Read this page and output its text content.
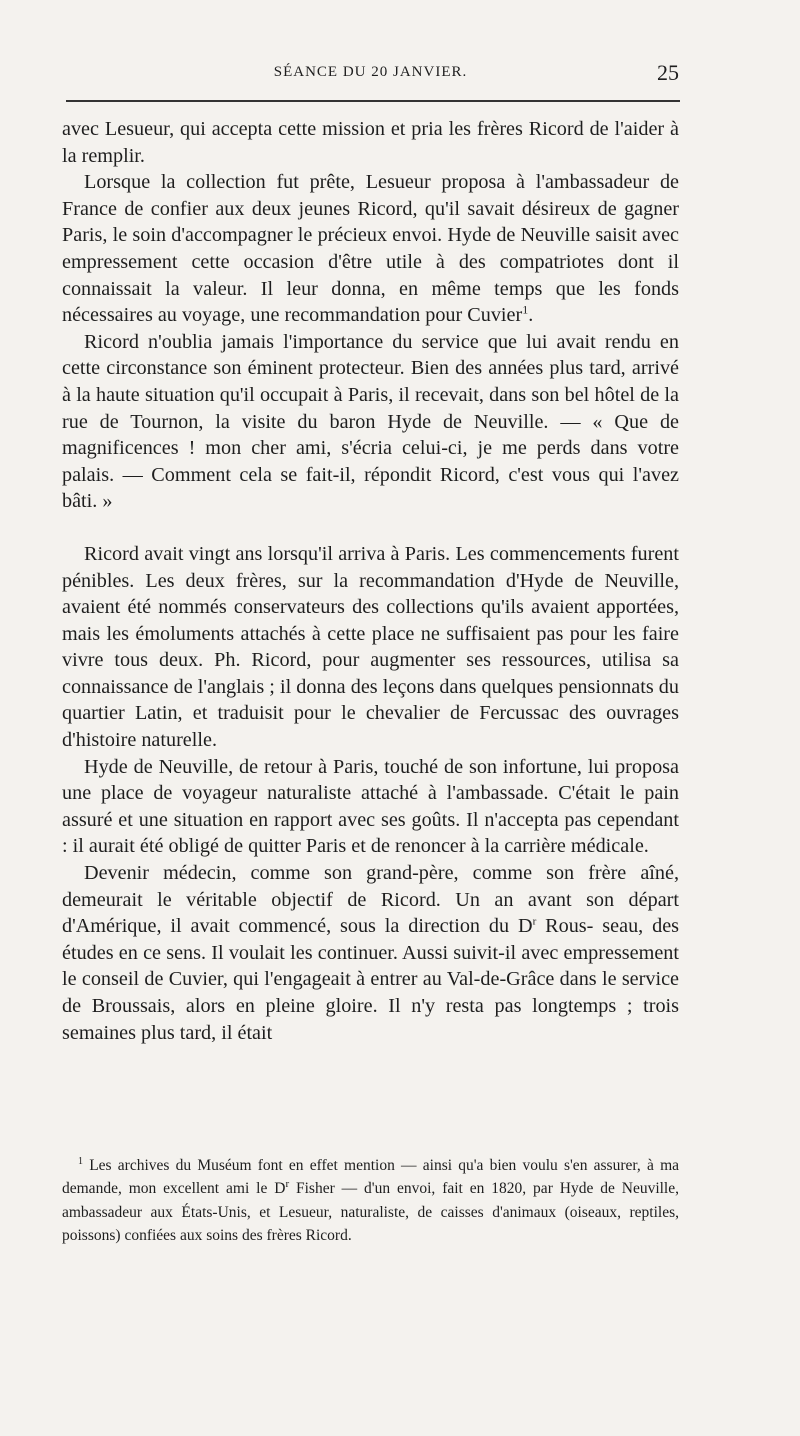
SÉANCE DU 20 JANVIER.	25

avec Lesueur, qui accepta cette mission et pria les frères Ricord de l'aider à la remplir.

Lorsque la collection fut prête, Lesueur proposa à l'ambassadeur de France de confier aux deux jeunes Ricord, qu'il savait désireux de gagner Paris, le soin d'accompagner le précieux envoi. Hyde de Neuville saisit avec empressement cette occasion d'être utile à des compatriotes dont il connaissait la valeur. Il leur donna, en même temps que les fonds nécessaires au voyage, une recommandation pour Cuvier$^1$.

Ricord n'oublia jamais l'importance du service que lui avait rendu en cette circonstance son éminent protecteur. Bien des années plus tard, arrivé à la haute situation qu'il occupait à Paris, il recevait, dans son bel hôtel de la rue de Tournon, la visite du baron Hyde de Neuville. — « Que de magnificences ! mon cher ami, s'écria celui-ci, je me perds dans votre palais. — Comment cela se fait-il, répondit Ricord, c'est vous qui l'avez bâti. »

Ricord avait vingt ans lorsqu'il arriva à Paris. Les commencements furent pénibles. Les deux frères, sur la recommandation d'Hyde de Neuville, avaient été nommés conservateurs des collections qu'ils avaient apportées, mais les émoluments attachés à cette place ne suffisaient pas pour les faire vivre tous deux. Ph. Ricord, pour augmenter ses ressources, utilisa sa connaissance de l'anglais ; il donna des leçons dans quelques pensionnats du quartier Latin, et traduisit pour le chevalier de Fercussac des ouvrages d'histoire naturelle.

Hyde de Neuville, de retour à Paris, touché de son infortune, lui proposa une place de voyageur naturaliste attaché à l'ambassade. C'était le pain assuré et une situation en rapport avec ses goûts. Il n'accepta pas cependant : il aurait été obligé de quitter Paris et de renoncer à la carrière médicale.

Devenir médecin, comme son grand-père, comme son frère aîné, demeurait le véritable objectif de Ricord. Un an avant son départ d'Amérique, il avait commencé, sous la direction du $D^r$ Rous- seau, des études en ce sens. Il voulait les continuer. Aussi suivit-il avec empressement le conseil de Cuvier, qui l'engageait à entrer au Val-de-Grâce dans le service de Broussais, alors en pleine gloire. Il n'y resta pas longtemps ; trois semaines plus tard, il était

$^1$ Les archives du Muséum font en effet mention — ainsi qu'a bien voulu s'en assurer, à ma demande, mon excellent ami le $D^r$ Fisher — d'un envoi, fait en 1820, par Hyde de Neuville, ambassadeur aux États-Unis, et Lesueur, naturaliste, de caisses d'animaux (oiseaux, reptiles, poissons) confiées aux soins des frères Ricord.
